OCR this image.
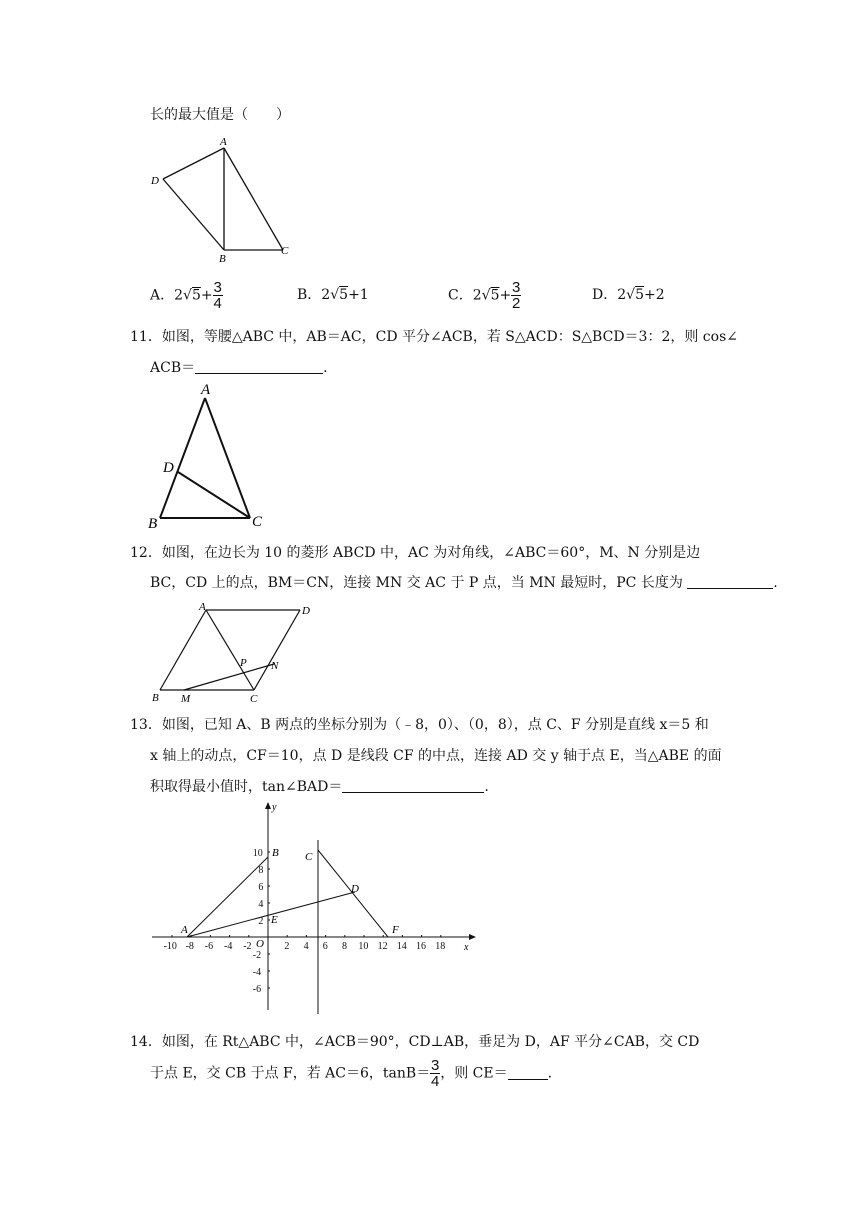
长的最大值是（　　）
A
D
B
C
A．$2√5+ \frac{3}{4}$	B．2√5+1	C．$2√5+ \frac{3}{2}$	D．2√5+2
11．如图，等腰△ABC 中，AB＝AC，CD 平分∠ACB，若 S△ACD：S△BCD＝3：2，则 cos∠
ACB＝	.
A
D
B	C
12．如图，在边长为 10 的菱形 ABCD 中，AC 为对角线，∠ABC＝60°，M、N 分别是边
BC，CD 上的点，BM＝CN，连接 MN 交 AC 于 P 点，当 MN 最短时，PC 长度为	.
A	D
P N
B M	C
13．如图，已知 A、B 两点的坐标分别为（﹣8，0）、（0，8），点 C、F 分别是直线 x＝5 和
x 轴上的动点，CF＝10，点 D 是线段 CF 的中点，连接 AD 交 y 轴于点 E，当△ABE 的面
积取得最小值时，tan∠BAD＝	.
-10 -8 -6 -4 -2	2 4 6 8 10 12 14 16 18
10
8
6
4
2
-2
-4
-6
x
y
O
A
B C
D
E
F
14．如图，在 Rt△ABC 中，∠ACB＝90°，CD⊥AB，垂足为 D，AF 平分∠CAB，交 CD
于点 E，交 CB 于点 F，若 AC＝6，$\tan B= \frac{3}{4}$ ，则 CE＝	.
